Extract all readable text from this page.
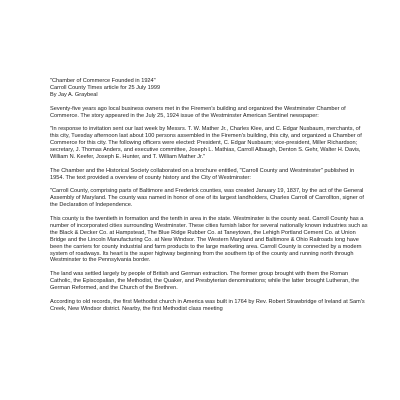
"Chamber of Commerce Founded in 1924"

Carroll County Times article for 25 July 1999

By Jay A. Graybeal

Seventy-five years ago local business owners met in the Firemen's building and organized the Westminster Chamber of Commerce. The story appeared in the July 25, 1924 issue of the Westminster American Sentinel newspaper:

"In response to invitation sent our last week by Messrs. T. W. Mather Jr., Charles Klee, and C. Edgar Nusbaum, merchants, of this city, Tuesday afternoon last about 100 persons assembled in the Firemen's building, this city, and organized a Chamber of Commerce for this city. The following officers were elected: President, C. Edgar Nusbaum; vice-president, Miller Richardson; secretary, J. Thomas Anders, and executive committee, Joseph L. Mathias, Carroll Albaugh, Denton S. Gehr, Walter H. Davis, William N. Keefer, Joseph E. Hunter, and T. William Mather Jr."

The Chamber and the Historical Society collaborated on a brochure entitled, "Carroll County and Westminster" published in 1954. The text provided a overview of county history and the City of Westminster:

"Carroll County, comprising parts of Baltimore and Frederick counties, was created January 19, 1837, by the act of the General Assembly of Maryland. The county was named in honor of one of its largest landholders, Charles Carroll of Carrollton, signer of the Declaration of Independence.

This county is the twentieth in formation and the tenth in area in the state. Westminster is the county seat. Carroll County has a number of incorporated cities surrounding Westminster. These cities furnish labor for several nationally known industries such as the Black & Decker Co. at Hampstead, The Blue Ridge Rubber Co. at Taneytown, the Lehigh Portland Cement Co. at Union Bridge and the Lincoln Manufacturing Co. at New Windsor. The Western Maryland and Baltimore & Ohio Railroads long have been the carriers for county industrial and farm products to the large marketing area. Carroll County is connected by a modern system of roadways. Its heart is the super highway beginning from the southern tip of the county and running north through Westminster to the Pennsylvania border.

The land was settled largely by people of British and German extraction. The former group brought with them the Roman Catholic, the Episcopalian, the Methodist, the Quaker, and Presbyterian denominations; while the latter brought Lutheran, the German Reformed, and the Church of the Brethren.

According to old records, the first Methodist church in America was built in 1764 by Rev. Robert Strawbridge of Ireland at Sam's Creek, New Windsor district. Nearby, the first Methodist class meeting
